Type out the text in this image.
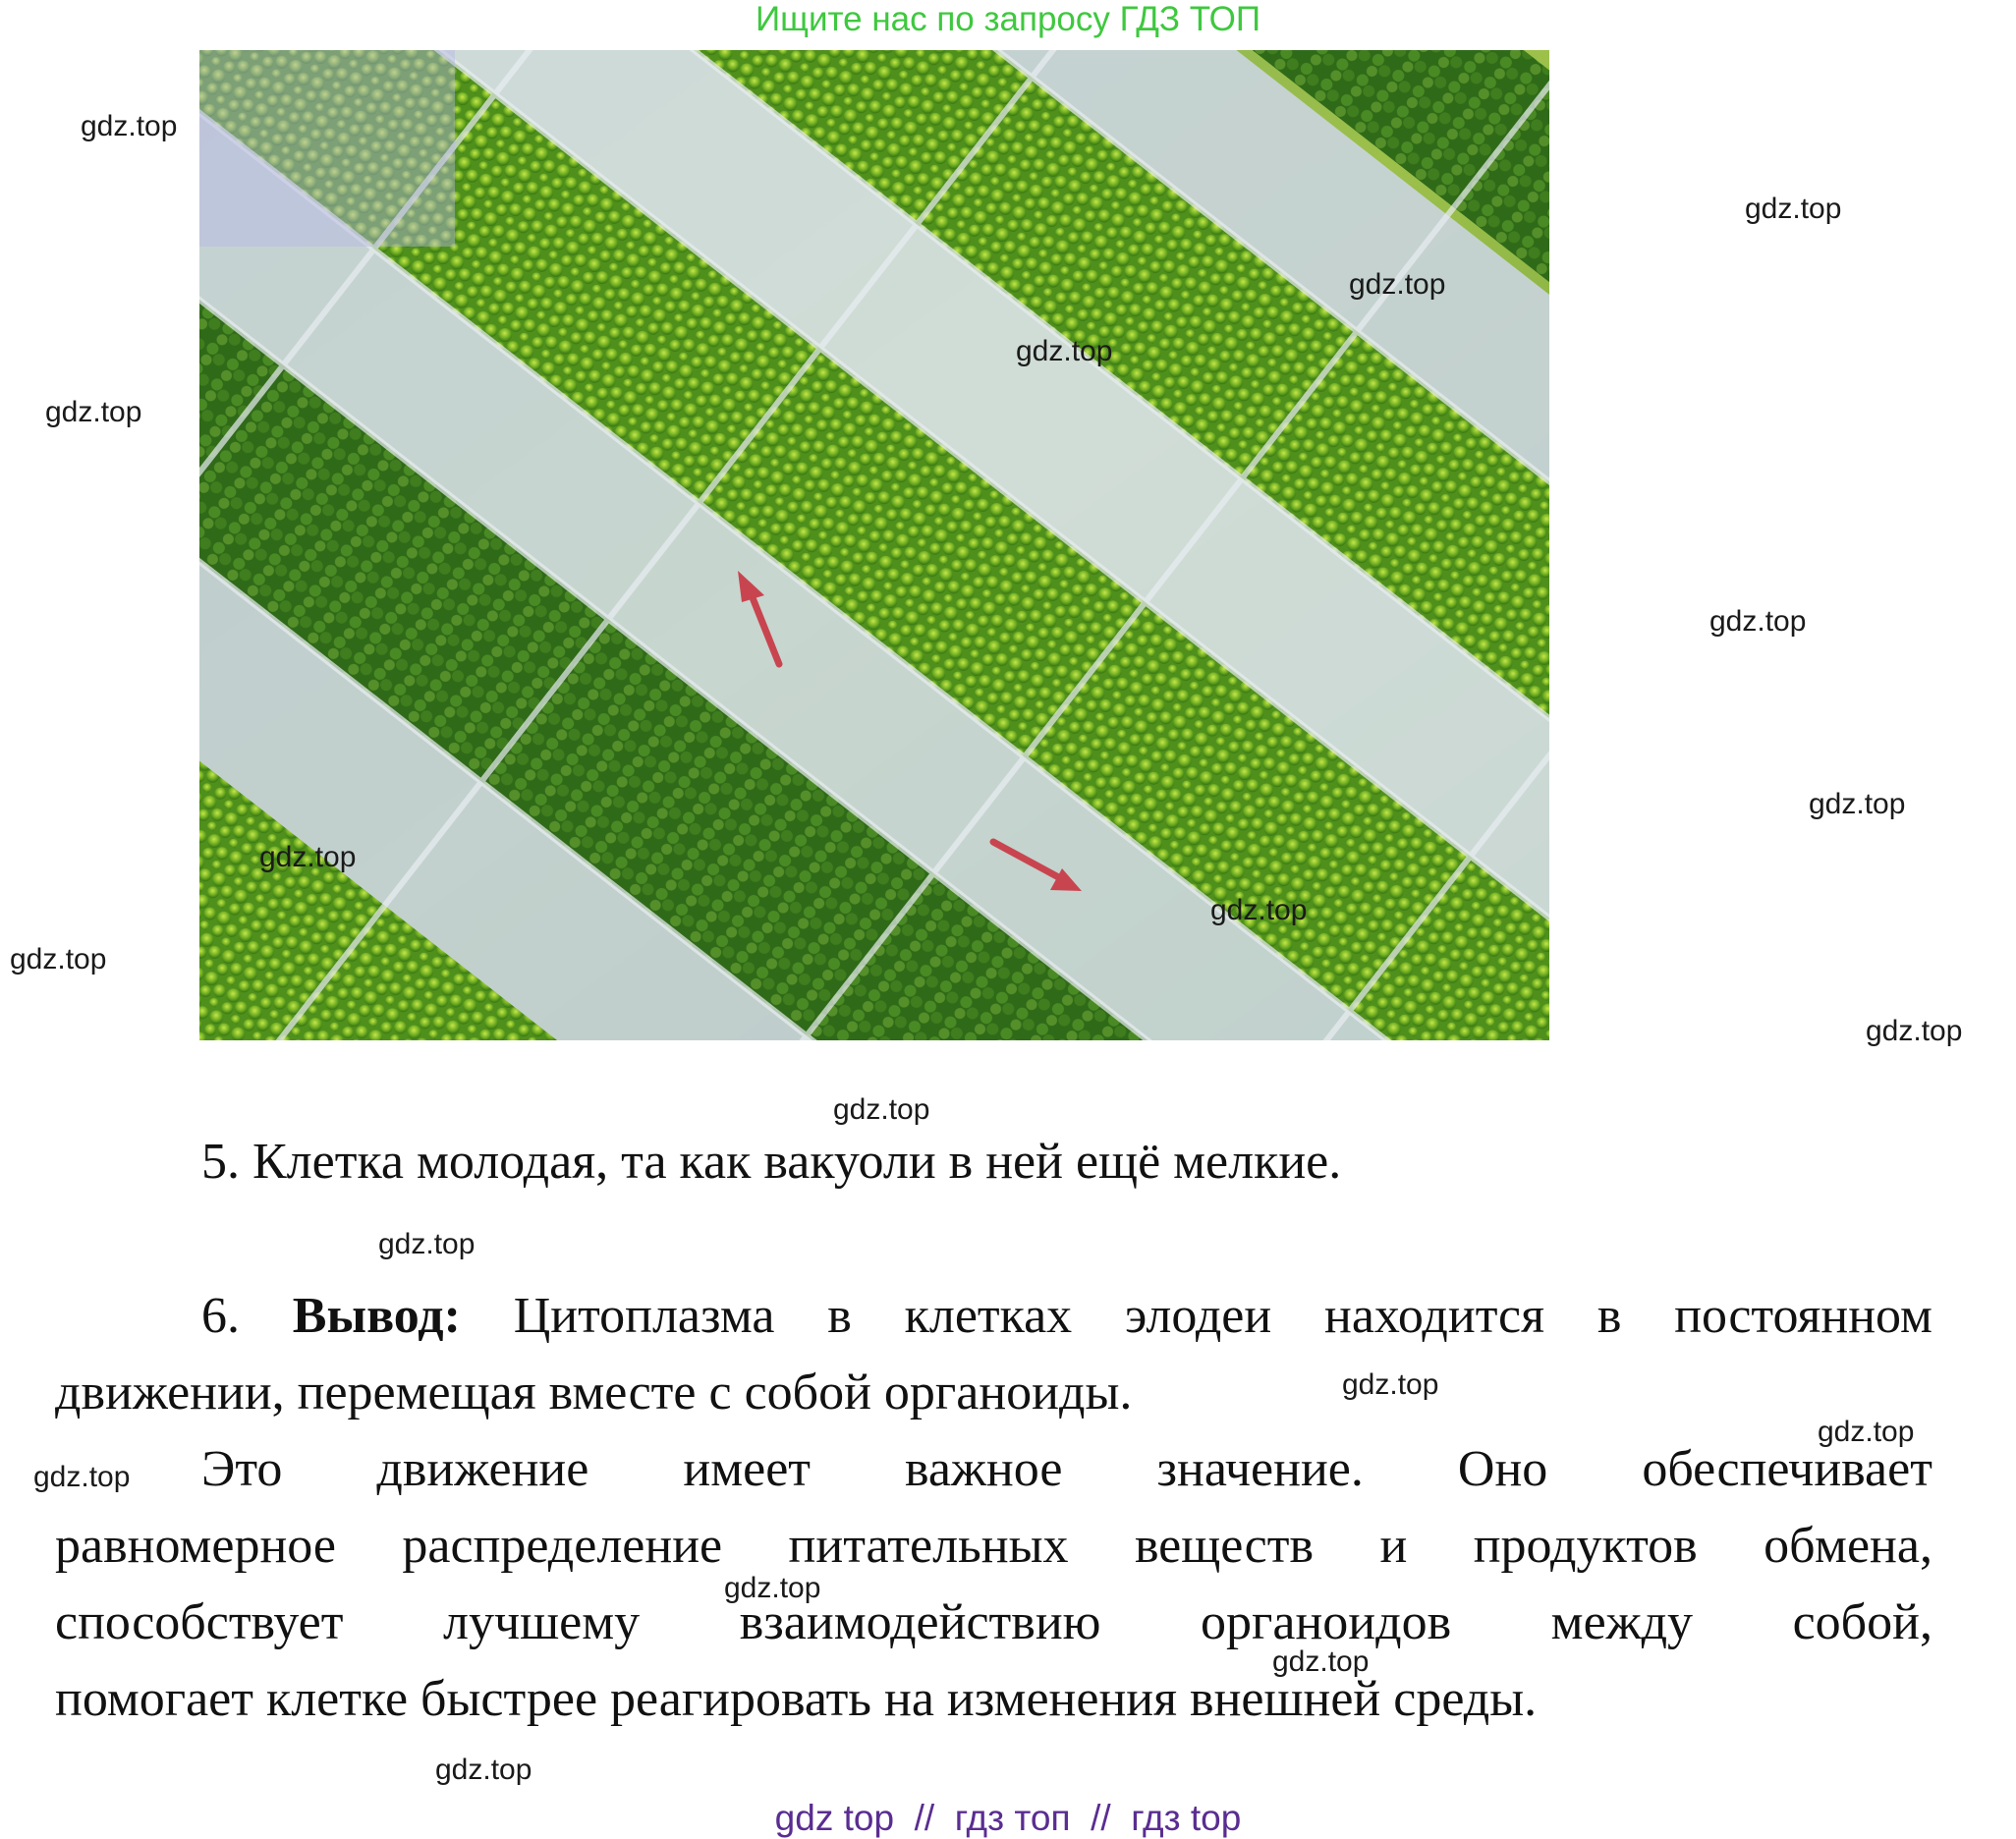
Ищите нас по запросу ГДЗ ТОП
gdz.top
gdz.top
gdz.top
gdz.top
gdz.top
gdz.top
gdz.top
gdz.top
gdz.top
gdz.top
gdz.top
gdz.top
gdz.top
gdz.top
gdz.top
gdz.top
gdz.top
gdz.top
gdz.top
5. Клетка молодая, та как вакуоли в ней ещё мелкие.
6. Вывод: Цитоплазма в клетках элодеи находится в постоянном
движении, перемещая вместе с собой органоиды.
Это движение имеет важное значение. Оно обеспечивает
равномерное распределение питательных веществ и продуктов обмена,
способствует лучшему взаимодействию органоидов между собой,
помогает клетке быстрее реагировать на изменения внешней среды.
gdz top  //  гдз топ  //  гдз top
